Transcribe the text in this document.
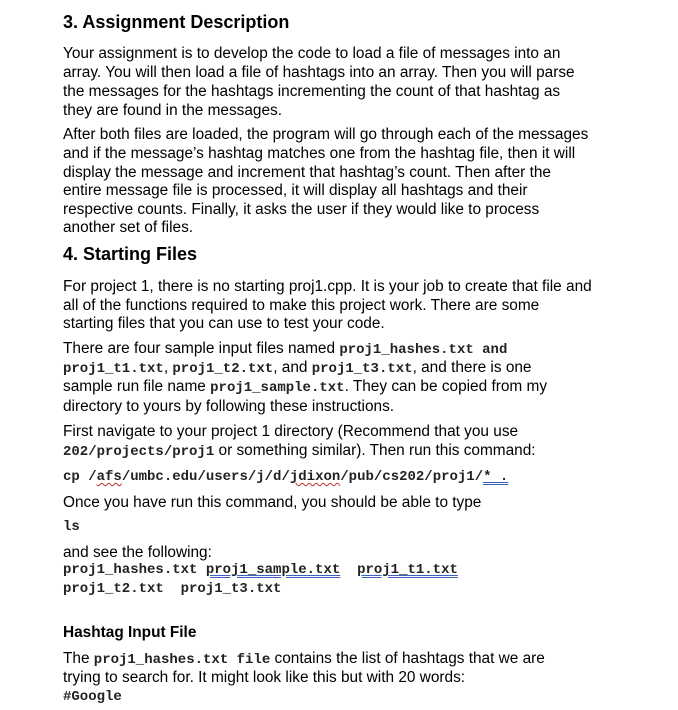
3. Assignment Description
Your assignment is to develop the code to load a file of messages into an
array. You will then load a file of hashtags into an array. Then you will parse
the messages for the hashtags incrementing the count of that hashtag as
they are found in the messages.
After both files are loaded, the program will go through each of the messages
and if the message’s hashtag matches one from the hashtag file, then it will
display the message and increment that hashtag’s count. Then after the
entire message file is processed, it will display all hashtags and their
respective counts. Finally, it asks the user if they would like to process
another set of files.
4. Starting Files
For project 1, there is no starting proj1.cpp. It is your job to create that file and
all of the functions required to make this project work. There are some
starting files that you can use to test your code.
There are four sample input files named proj1_hashes.txt and
proj1_t1.txt, proj1_t2.txt, and proj1_t3.txt, and there is one
sample run file name proj1_sample.txt. They can be copied from my
directory to yours by following these instructions.
First navigate to your project 1 directory (Recommend that you use
202/projects/proj1 or something similar). Then run this command:
cp /afs/umbc.edu/users/j/d/jdixon/pub/cs202/proj1/* .
Once you have run this command, you should be able to type
ls
and see the following:
proj1_hashes.txt proj1_sample.txt proj1_t1.txt
proj1_t2.txt  proj1_t3.txt
Hashtag Input File
The proj1_hashes.txt file contains the list of hashtags that we are
trying to search for. It might look like this but with 20 words:
#Google
